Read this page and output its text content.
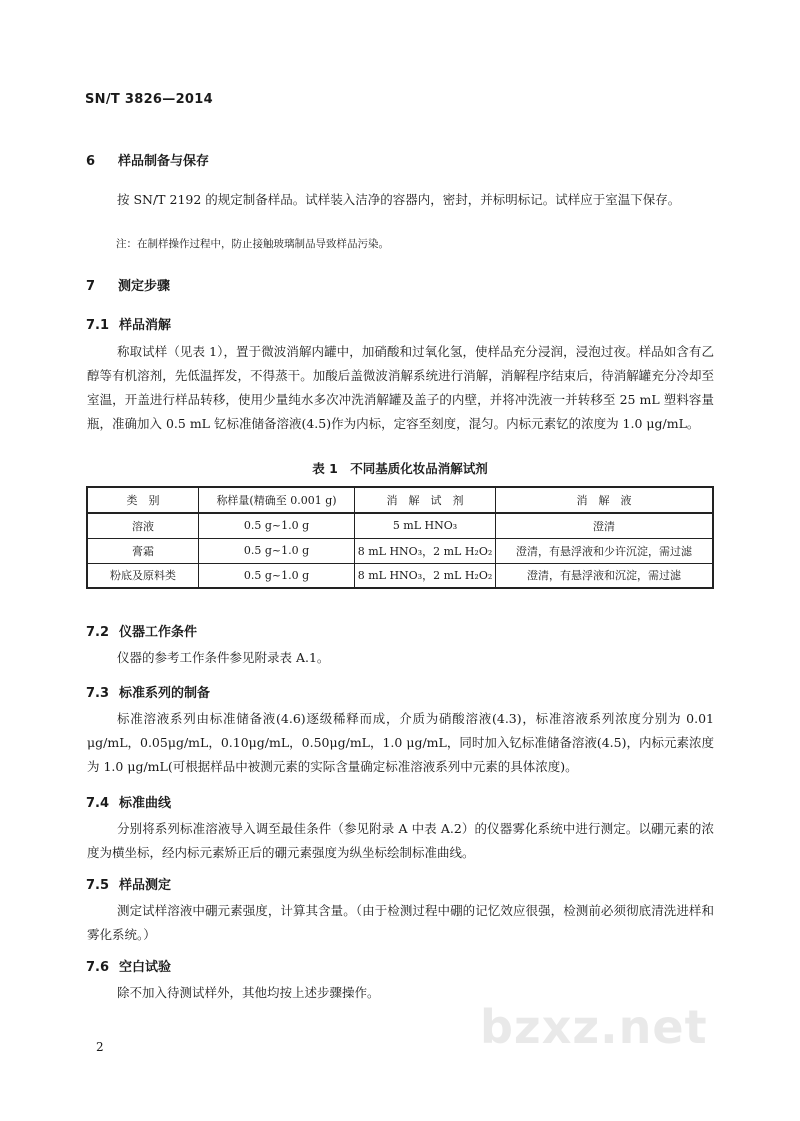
SN/T 3826—2014
6 样品制备与保存
按 SN/T 2192 的规定制备样品。试样装入洁净的容器内，密封，并标明标记。试样应于室温下保存。
注：在制样操作过程中，防止接触玻璃制品导致样品污染。
7 测定步骤
7.1 样品消解
称取试样（见表 1），置于微波消解内罐中，加硝酸和过氧化氢，使样品充分浸润，浸泡过夜。样品如含有乙醇等有机溶剂，先低温挥发，不得蒸干。加酸后盖微波消解系统进行消解，消解程序结束后，待消解罐充分冷却至室温，开盖进行样品转移，使用少量纯水多次冲洗消解罐及盖子的内壁，并将冲洗液一并转移至 25 mL 塑料容量瓶，准确加入 0.5 mL 钇标准储备溶液(4.5)作为内标，定容至刻度，混匀。内标元素钇的浓度为 1.0 μg/mL。
表 1　不同基质化妆品消解试剂
类　别	称样量(精确至 0.001 g)	消　解　试　剂	消　解　液
溶液	0.5 g~1.0 g	5 mL HNO₃	澄清
膏霜	0.5 g~1.0 g	8 mL HNO₃，2 mL H₂O₂	澄清，有悬浮液和少许沉淀，需过滤
粉底及原料类	0.5 g~1.0 g	8 mL HNO₃，2 mL H₂O₂	澄清，有悬浮液和沉淀，需过滤
7.2 仪器工作条件
仪器的参考工作条件参见附录表 A.1。
7.3 标准系列的制备
标准溶液系列由标准储备液(4.6)逐级稀释而成，介质为硝酸溶液(4.3)，标准溶液系列浓度分别为 0.01 μg/mL，0.05μg/mL，0.10μg/mL，0.50μg/mL，1.0 μg/mL，同时加入钇标准储备溶液(4.5)，内标元素浓度为 1.0 μg/mL(可根据样品中被测元素的实际含量确定标准溶液系列中元素的具体浓度)。
7.4 标准曲线
分别将系列标准溶液导入调至最佳条件（参见附录 A 中表 A.2）的仪器雾化系统中进行测定。以硼元素的浓度为横坐标，经内标元素矫正后的硼元素强度为纵坐标绘制标准曲线。
7.5 样品测定
测定试样溶液中硼元素强度，计算其含量。（由于检测过程中硼的记忆效应很强，检测前必须彻底清洗进样和雾化系统。）
7.6 空白试验
除不加入待测试样外，其他均按上述步骤操作。
2	bzxz.net
